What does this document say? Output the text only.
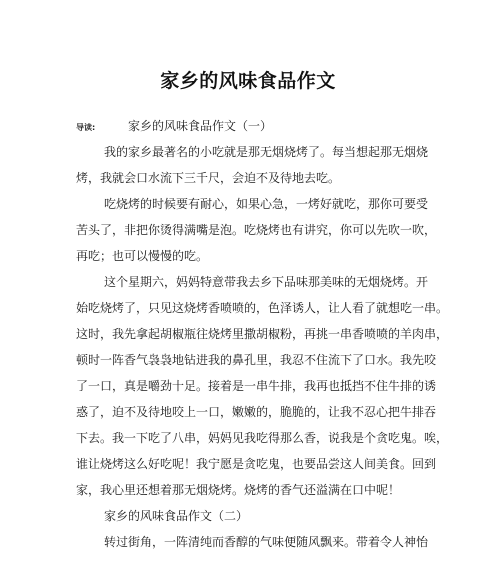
家乡的风味食品作文
导读:	家乡的风味食品作文（一）
我的家乡最著名的小吃就是那无烟烧烤了。每当想起那无烟烧
烤，我就会口水流下三千尺，会迫不及待地去吃。
吃烧烤的时候要有耐心，如果心急，一烤好就吃，那你可要受
苦头了，非把你烫得满嘴是泡。吃烧烤也有讲究，你可以先吹一吹，
再吃；也可以慢慢的吃。
这个星期六，妈妈特意带我去乡下品味那美味的无烟烧烤。开
始吃烧烤了，只见这烧烤香喷喷的，色泽诱人，让人看了就想吃一串。
这时，我先拿起胡椒瓶往烧烤里撒胡椒粉，再挑一串香喷喷的羊肉串，
顿时一阵香气袅袅地钻进我的鼻孔里，我忍不住流下了口水。我先咬
了一口，真是嚼劲十足。接着是一串牛排，我再也抵挡不住牛排的诱
惑了，迫不及待地咬上一口，嫩嫩的，脆脆的，让我不忍心把牛排吞
下去。我一下吃了八串，妈妈见我吃得那么香，说我是个贪吃鬼。唉，
谁让烧烤这么好吃呢！我宁愿是贪吃鬼，也要品尝这人间美食。回到
家，我心里还想着那无烟烧烤。烧烤的香气还溢满在口中呢！
家乡的风味食品作文（二）
转过街角，一阵清纯而香醇的气味便随风飘来。带着令人神怡
